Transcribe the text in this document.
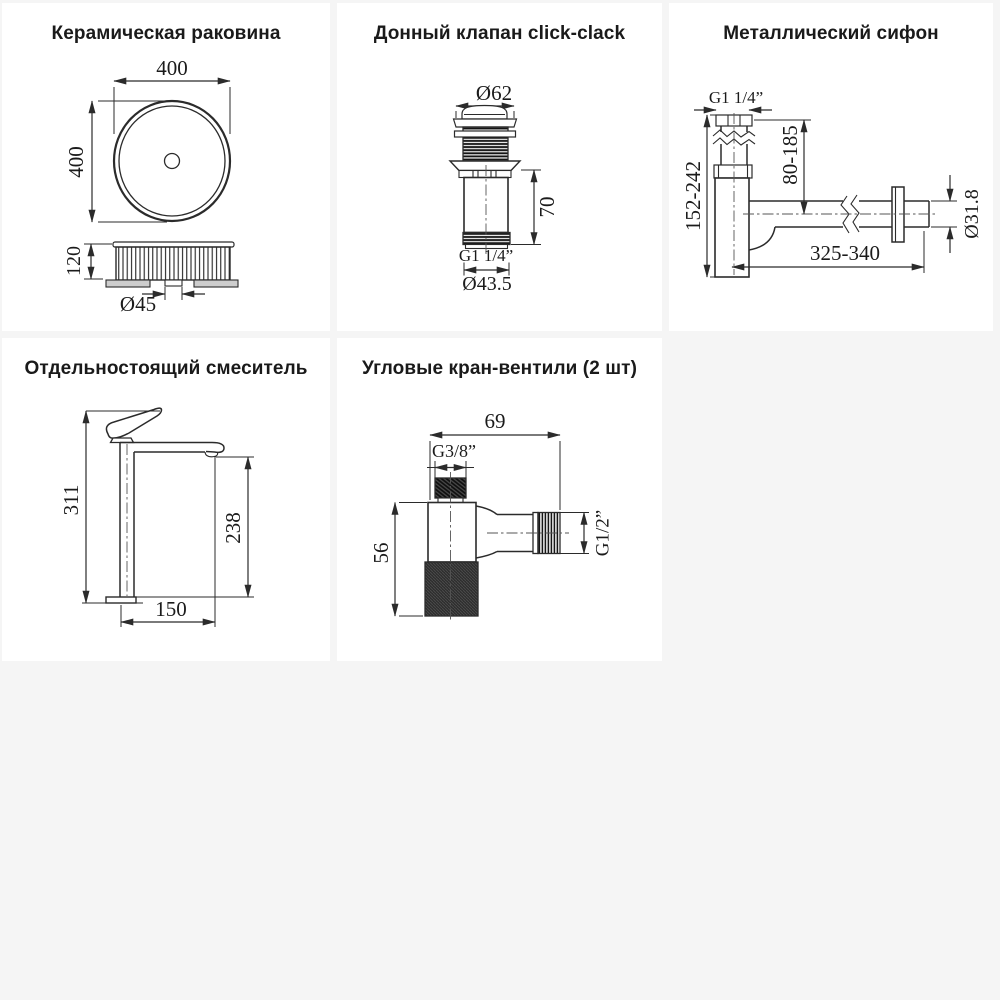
Керамическая раковина
400
400
120
Ø45
Донный клапан click-clack
Ø62
70
G1 1/4”
Ø43.5
Металлический сифон
G1 1/4”
152-242
80-185
Ø31.8
325-340
Отдельностоящий смеситель
311
238
150
Угловые кран-вентили (2 шт)
69
G3/8”
G1/2”
56
